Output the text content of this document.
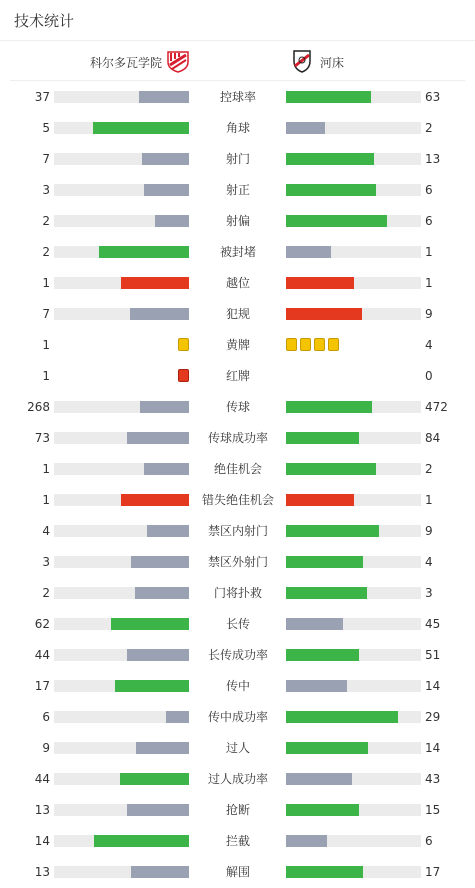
技术统计
科尔多瓦学院	河床
37	控球率	63
5	角球	2
7	射门	13
3	射正	6
2	射偏	6
2	被封堵	1
1	越位	1
7	犯规	9
1	黄牌	4
1	红牌	0
268	传球	472
73	传球成功率	84
1	绝佳机会	2
1	错失绝佳机会	1
4	禁区内射门	9
3	禁区外射门	4
2	门将扑救	3
62	长传	45
44	长传成功率	51
17	传中	14
6	传中成功率	29
9	过人	14
44	过人成功率	43
13	抢断	15
14	拦截	6
13	解围	17
